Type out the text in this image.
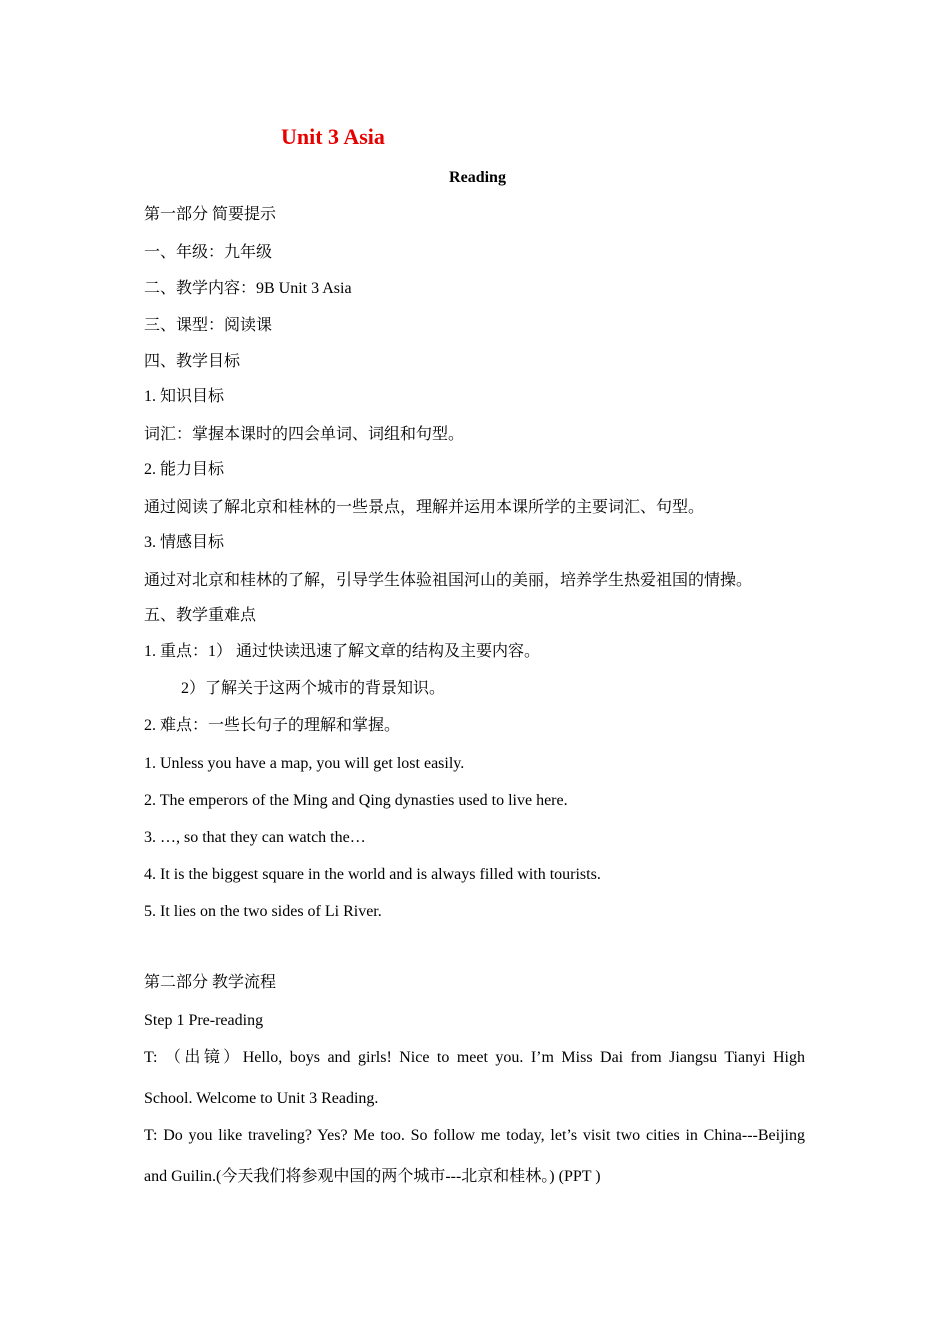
Unit 3 Asia
Reading
第一部分 简要提示
一、年级：九年级
二、教学内容：9B Unit 3 Asia
三、课型：阅读课
四、教学目标
1. 知识目标
词汇：掌握本课时的四会单词、词组和句型。
2. 能力目标
通过阅读了解北京和桂林的一些景点，理解并运用本课所学的主要词汇、句型。
3. 情感目标
通过对北京和桂林的了解，引导学生体验祖国河山的美丽，培养学生热爱祖国的情操。
五、教学重难点
1. 重点：1） 通过快读迅速了解文章的结构及主要内容。
2）了解关于这两个城市的背景知识。
2. 难点：一些长句子的理解和掌握。
1. Unless you have a map, you will get lost easily.
2. The emperors of the Ming and Qing dynasties used to live here.
3. …, so that they can watch the…
4. It is the biggest square in the world and is always filled with tourists.
5. It lies on the two sides of Li River.
第二部分 教学流程
Step 1 Pre-reading
T: （出镜）Hello, boys and girls! Nice to meet you. I’m Miss Dai from Jiangsu Tianyi High
School. Welcome to Unit 3 Reading.
T: Do you like traveling? Yes? Me too. So follow me today, let’s visit two cities in China---Beijing
and Guilin.(今天我们将参观中国的两个城市---北京和桂林。) (PPT )
